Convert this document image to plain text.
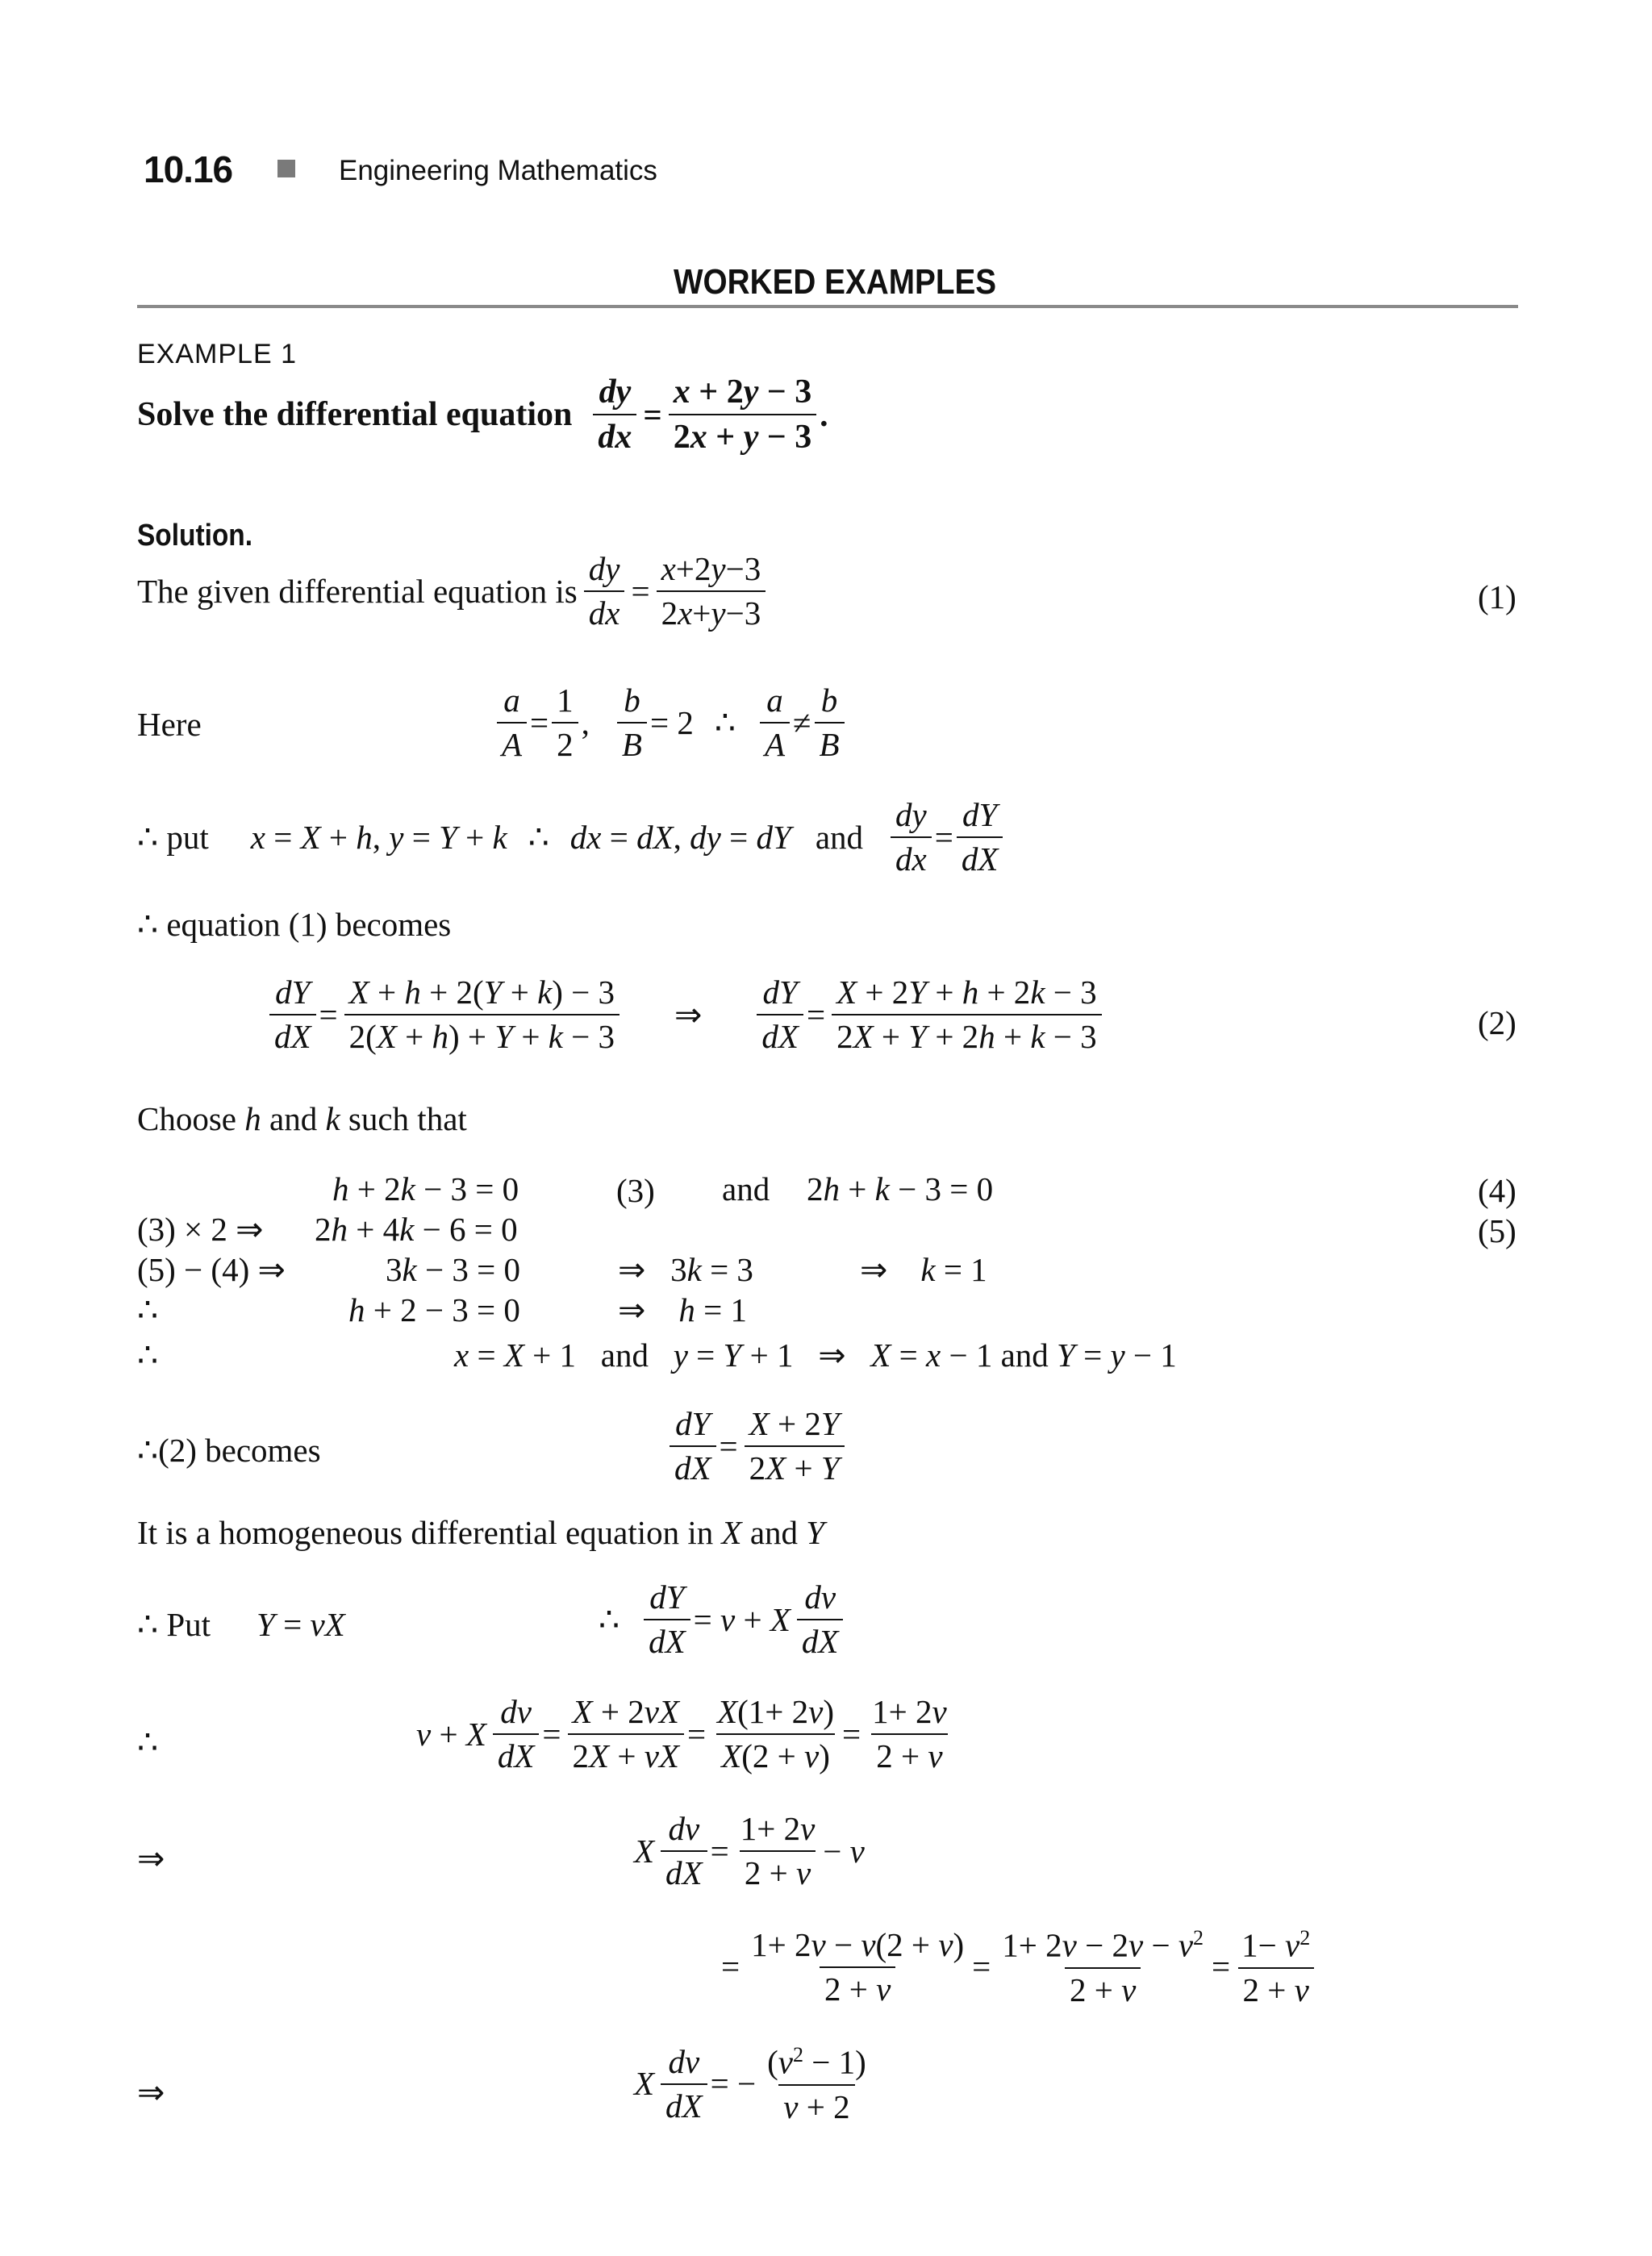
10.16	Engineering Mathematics
WORKED EXAMPLES
EXAMPLE 1
Solve the differential equation $\frac{dy}{dx} = \frac{x + 2y - 3}{2x + y - 3}$ .
Solution.
The given differential equation is $\frac{dy}{dx} = \frac{x+2y-3}{2x+y-3}$	(1)
Here	$\frac{a}{A} = \frac{1}{2}$ , $\frac{b}{B} = 2$ ∴ $\frac{a}{A} \ne \frac{b}{B}$
∴ put x = X + h, y = Y + k ∴ dx = dX, dy = dY and $\frac{dy}{dx} = \frac{dY}{dX}$
∴ equation (1) becomes
$\frac{dY}{dX} = \frac{X + h + 2(Y + k) - 3}{2(X + h) + Y + k - 3}$ ⇒ $\frac{dY}{dX} = \frac{X + 2Y + h + 2k - 3}{2X + Y + 2h + k - 3}$	(2)
Choose h and k such that
h + 2k − 3 = 0	(3) and 2h + k − 3 = 0	(4)
(3) × 2 ⇒ 2h + 4k − 6 = 0	(5)
(5) − (4) ⇒	3k − 3 = 0	⇒   3k = 3	⇒    k = 1
∴	h + 2 − 3 = 0	⇒    h = 1
∴	x = X + 1   and y = Y + 1   ⇒   X = x − 1 and Y = y − 1
∴(2) becomes	$\frac{dY}{dX} = \frac{X + 2Y}{2X + Y}$
It is a homogeneous differential equation in X and Y
∴ Put Y = vX	∴ $\frac{dY}{dX} = v + X \frac{dv}{dX}$
∴	v + X $\frac{dv}{dX} = \frac{X + 2vX}{2X + vX} = \frac{X(1+ 2v)}{X(2 + v)} = \frac{1+ 2v}{2 + v}$
⇒	X $\frac{dv}{dX} = \frac{1+ 2v}{2 + v} - v$
= $\frac{1+ 2v - v(2 + v)}{2 + v} = \frac{1+ 2v - 2v - v^2}{2 + v} = \frac{1- v^2}{2 + v}$
⇒	X $\frac{dv}{dX}$ = − $\frac{(v^2 - 1)}{v + 2}$
